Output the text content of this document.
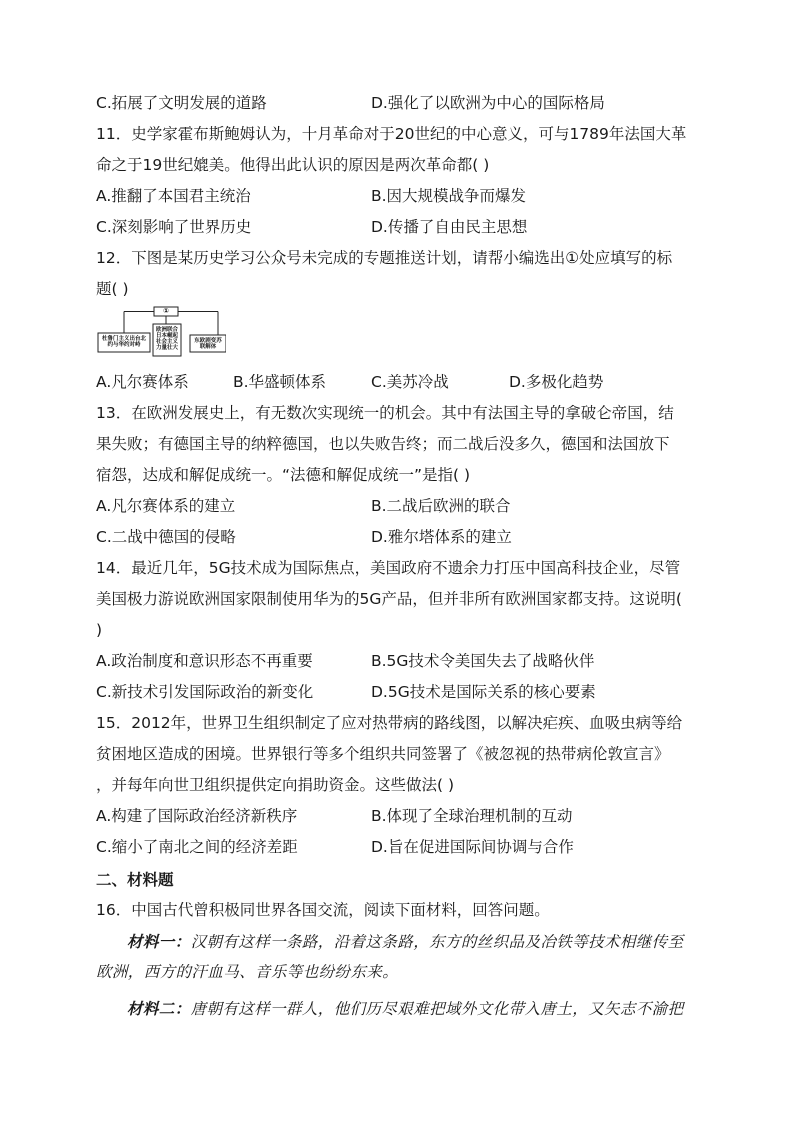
C.拓展了文明发展的道路	D.强化了以欧洲为中心的国际格局
11．史学家霍布斯鲍姆认为，十月革命对于20世纪的中心意义，可与1789年法国大革
命之于19世纪媲美。他得出此认识的原因是两次革命都( )
A.推翻了本国君主统治	B.因大规模战争而爆发
C.深刻影响了世界历史	D.传播了自由民主思想
12．下图是某历史学习公众号未完成的专题推送计划，请帮小编选出①处应填写的标
题( )
①
杜鲁门主义出台北约与华约对峙
欧洲联合日本崛起社会主义力量壮大
东欧剧变苏联解体
A.凡尔赛体系	B.华盛顿体系	C.美苏冷战	D.多极化趋势
13．在欧洲发展史上，有无数次实现统一的机会。其中有法国主导的拿破仑帝国，结
果失败；有德国主导的纳粹德国，也以失败告终；而二战后没多久，德国和法国放下
宿怨，达成和解促成统一。“法德和解促成统一”是指( )
A.凡尔赛体系的建立	B.二战后欧洲的联合
C.二战中德国的侵略	D.雅尔塔体系的建立
14．最近几年，5G技术成为国际焦点，美国政府不遗余力打压中国高科技企业，尽管
美国极力游说欧洲国家限制使用华为的5G产品，但并非所有欧洲国家都支持。这说明(
)
A.政治制度和意识形态不再重要	B.5G技术令美国失去了战略伙伴
C.新技术引发国际政治的新变化	D.5G技术是国际关系的核心要素
15．2012年，世界卫生组织制定了应对热带病的路线图，以解决疟疾、血吸虫病等给
贫困地区造成的困境。世界银行等多个组织共同签署了《被忽视的热带病伦敦宣言》
，并每年向世卫组织提供定向捐助资金。这些做法( )
A.构建了国际政治经济新秩序	B.体现了全球治理机制的互动
C.缩小了南北之间的经济差距	D.旨在促进国际间协调与合作
二、材料题
16．中国古代曾积极同世界各国交流，阅读下面材料，回答问题。
材料一：汉朝有这样一条路，沿着这条路，东方的丝织品及冶铁等技术相继传至
欧洲，西方的汗血马、音乐等也纷纷东来。
材料二：唐朝有这样一群人，他们历尽艰难把域外文化带入唐土，又矢志不渝把
